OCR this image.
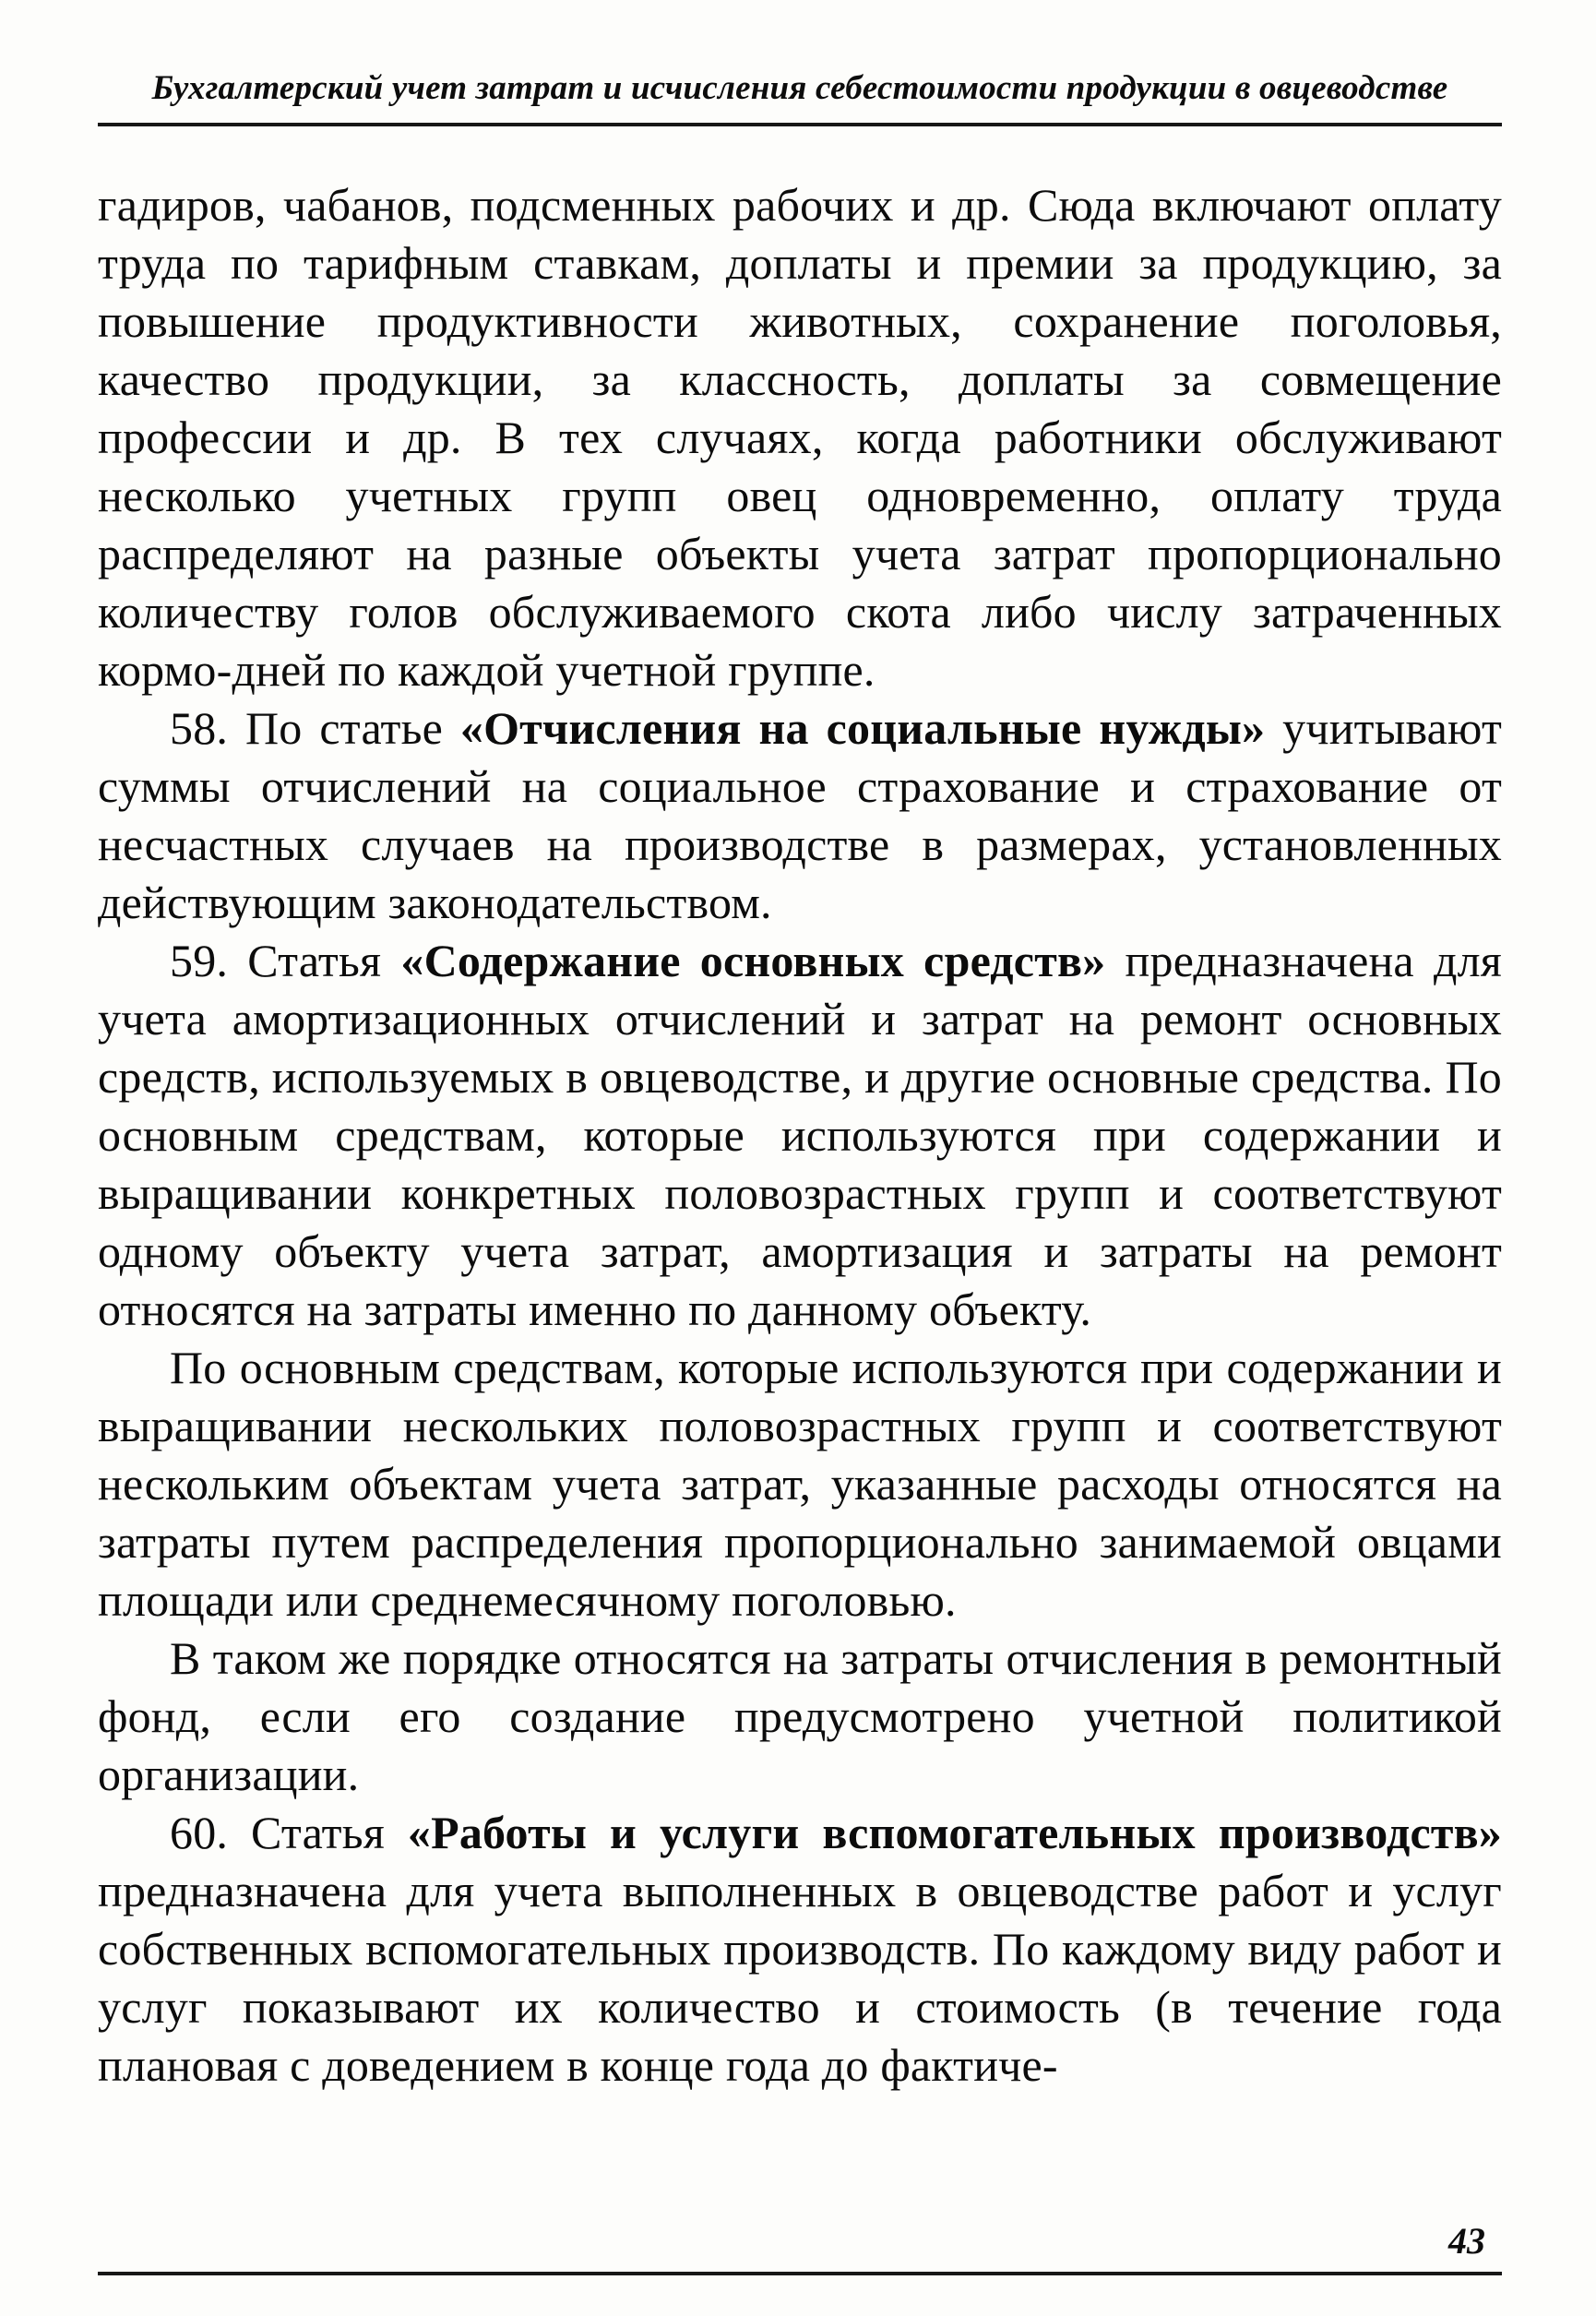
Бухгалтерский учет затрат и исчисления себестоимости продукции в овцеводстве

гадиров, чабанов, подсменных рабочих и др. Сюда включают оплату труда по тарифным ставкам, доплаты и премии за продукцию, за повышение продуктивности животных, сохранение поголовья, качество продукции, за классность, доплаты за совмещение профессии и др. В тех случаях, когда работники обслуживают несколько учетных групп овец одновременно, оплату труда распределяют на разные объекты учета затрат пропорционально количеству голов обслуживаемого скота либо числу затраченных кормо-дней по каждой учетной группе.

58. По статье «Отчисления на социальные нужды» учитывают суммы отчислений на социальное страхование и страхование от несчастных случаев на производстве в размерах, установленных действующим законодательством.

59. Статья «Содержание основных средств» предназначена для учета амортизационных отчислений и затрат на ремонт основных средств, используемых в овцеводстве, и другие основные средства. По основным средствам, которые используются при содержании и выращивании конкретных половозрастных групп и соответствуют одному объекту учета затрат, амортизация и затраты на ремонт относятся на затраты именно по данному объекту.

По основным средствам, которые используются при содержании и выращивании нескольких половозрастных групп и соответствуют нескольким объектам учета затрат, указанные расходы относятся на затраты путем распределения пропорционально занимаемой овцами площади или среднемесячному поголовью.

В таком же порядке относятся на затраты отчисления в ремонтный фонд, если его создание предусмотрено учетной политикой организации.

60. Статья «Работы и услуги вспомогательных производств» предназначена для учета выполненных в овцеводстве работ и услуг собственных вспомогательных производств. По каждому виду работ и услуг показывают их количество и стоимость (в течение года плановая с доведением в конце года до фактиче-

43
